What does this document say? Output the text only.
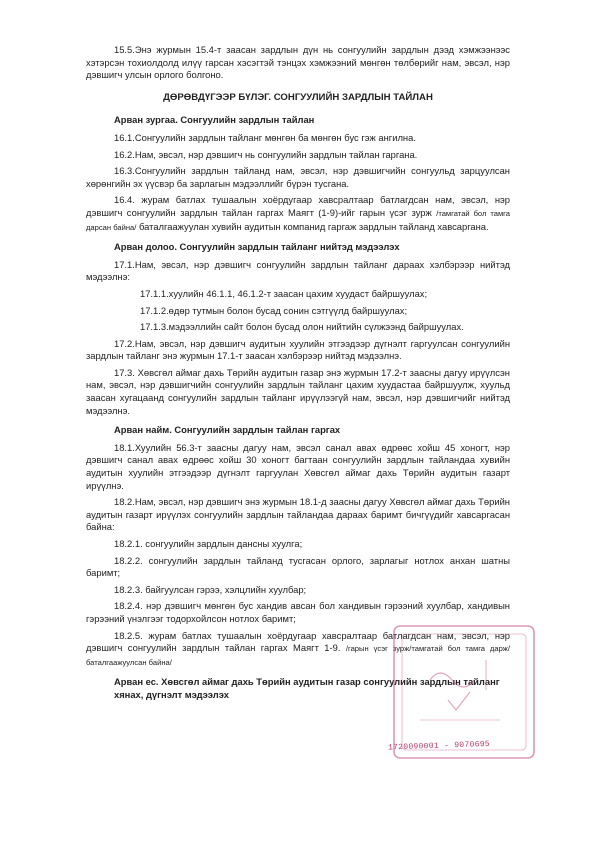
15.5.Энэ журмын 15.4-т заасан зардлын дүн нь сонгуулийн зардлын дээд хэмжээнээс хэтэрсэн тохиолдолд илүү гарсан хэсэгтэй тэнцэх хэмжээний мөнгөн төлбөрийг нам, эвсэл, нэр дэвшигч улсын орлого болгоно.

ДӨРӨВДҮГЭЭР БҮЛЭГ. СОНГУУЛИЙН ЗАРДЛЫН ТАЙЛАН
Арван зургаа. Сонгуулийн зардлын тайлан

16.1.Сонгуулийн зардлын тайланг мөнгөн ба мөнгөн бус гэж ангилна.

16.2.Нам, эвсэл, нэр дэвшигч нь сонгуулийн зардлын тайлан гаргана.

16.3.Сонгуулийн зардлын тайланд нам, эвсэл, нэр дэвшигчийн сонгуульд зарцуулсан хөрөнгийн эх үүсвэр ба зарлагын мэдээллийг бүрэн тусгана.

16.4. журам батлах тушаалын хоёрдугаар хавсралтаар батлагдсан нам, эвсэл, нэр дэвшигч сонгуулийн зардлын тайлан гаргах Маягт (1-9)-ийг гарын үсэг зурж /тамгатай бол тамга дарсан байна/ баталгаажуулан хувийн аудитын компанид гаргаж зардлын тайланд хавсаргана.

Арван долоо. Сонгуулийн зардлын тайланг нийтэд мэдээлэх

17.1.Нам, эвсэл, нэр дэвшигч сонгуулийн зардлын тайланг дараах хэлбэрээр нийтэд мэдээлнэ:

17.1.1.хуулийн 46.1.1, 46.1.2-т заасан цахим хуудаст байршуулах;

17.1.2.өдөр тутмын болон бусад сонин сэтгүүлд байршуулах;

17.1.3.мэдээллийн сайт болон бусад олон нийтийн сүлжээнд байршуулах.

17.2.Нам, эвсэл, нэр дэвшигч аудитын хуулийн этгээдээр дүгнэлт гаргуулсан сонгуулийн зардлын тайланг энэ журмын 17.1-т заасан хэлбэрээр нийтэд мэдээлнэ.

17.3. Хөвсгөл аймаг дахь Төрийн аудитын газар энэ журмын 17.2-т заасны дагуу ирүүлсэн нам, эвсэл, нэр дэвшигчийн сонгуулийн зардлын тайланг цахим хуудастаа байршуулж, хуульд заасан хугацаанд сонгуулийн зардлын тайланг ирүүлээгүй нам, эвсэл, нэр дэвшигчийг нийтэд мэдээлнэ.

Арван найм. Сонгуулийн зардлын тайлан гаргах

18.1.Хуулийн 56.3-т заасны дагуу нам, эвсэл санал авах өдрөөс хойш 45 хоногт, нэр дэвшигч санал авах өдрөөс хойш 30 хоногт багтаан сонгуулийн зардлын тайландаа хувийн аудитын хуулийн этгээдээр дүгнэлт гаргуулан Хөвсгөл аймаг дахь Төрийн аудитын газарт ирүүлнэ.

18.2.Нам, эвсэл, нэр дэвшигч энэ журмын 18.1-д заасны дагуу Хөвсгөл аймаг дахь Төрийн аудитын газарт ирүүлэх сонгуулийн зардлын тайландаа дараах баримт бичгүүдийг хавсаргасан байна:

18.2.1. сонгуулийн зардлын дансны хуулга;

18.2.2. сонгуулийн зардлын тайланд тусгасан орлого, зарлагыг нотлох анхан шатны баримт;

18.2.3. байгуулсан гэрээ, хэлцлийн хуулбар;

18.2.4. нэр дэвшигч мөнгөн бус хандив авсан бол хандивын гэрээний хуулбар, хандивын гэрээний үнэлгээг тодорхойлсон нотлох баримт;

18.2.5. журам батлах тушаалын хоёрдугаар хавсралтаар батлагдсан нам, эвсэл, нэр дэвшигч сонгуулийн зардлын тайлан гаргах Маягт 1-9. /гарын үсэг зурж/тамгатай бол тамга дарж/ баталгаажуулсан байна/

Арван ес. Хөвсгөл аймаг дахь Төрийн аудитын газар сонгуулийн зардлын тайланг хянах, дүгнэлт мэдээлэх
1720090001 - 9070695
